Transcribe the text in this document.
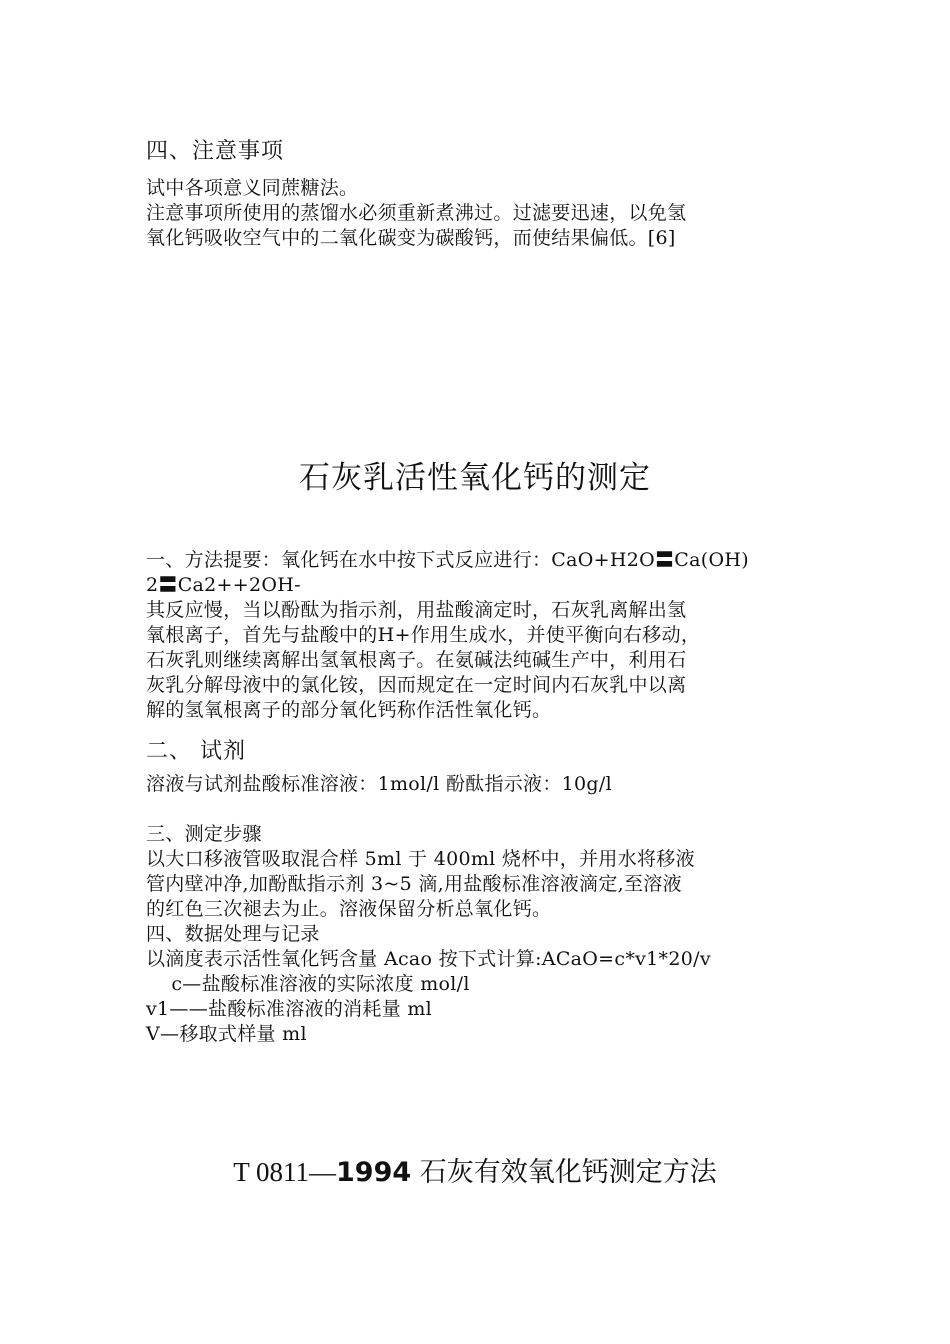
四、注意事项
试中各项意义同蔗糖法。
注意事项所使用的蒸馏水必须重新煮沸过。过滤要迅速，以免氢
氧化钙吸收空气中的二氧化碳变为碳酸钙，而使结果偏低。[6]
石灰乳活性氧化钙的测定
一、方法提要：氧化钙在水中按下式反应进行：CaO+H2O〓Ca(OH)
2〓Ca2++2OH-
其反应慢，当以酚酞为指示剂，用盐酸滴定时，石灰乳离解出氢
氧根离子，首先与盐酸中的H+作用生成水，并使平衡向右移动，
石灰乳则继续离解出氢氧根离子。在氨碱法纯碱生产中，利用石
灰乳分解母液中的氯化铵，因而规定在一定时间内石灰乳中以离
解的氢氧根离子的部分氧化钙称作活性氧化钙。
二、 试剂
溶液与试剂盐酸标准溶液：1mol/l 酚酞指示液：10g/l
三、测定步骤
以大口移液管吸取混合样 5ml 于 400ml 烧杯中，并用水将移液
管内壁冲净,加酚酞指示剂 3~5 滴,用盐酸标准溶液滴定,至溶液
的红色三次褪去为止。溶液保留分析总氧化钙。
四、数据处理与记录
以滴度表示活性氧化钙含量 Acao 按下式计算:ACaO=c*v1*20/v
c—盐酸标准溶液的实际浓度 mol/l
v1——盐酸标准溶液的消耗量 ml
V—移取式样量 ml
T 0811—1994 石灰有效氧化钙测定方法
